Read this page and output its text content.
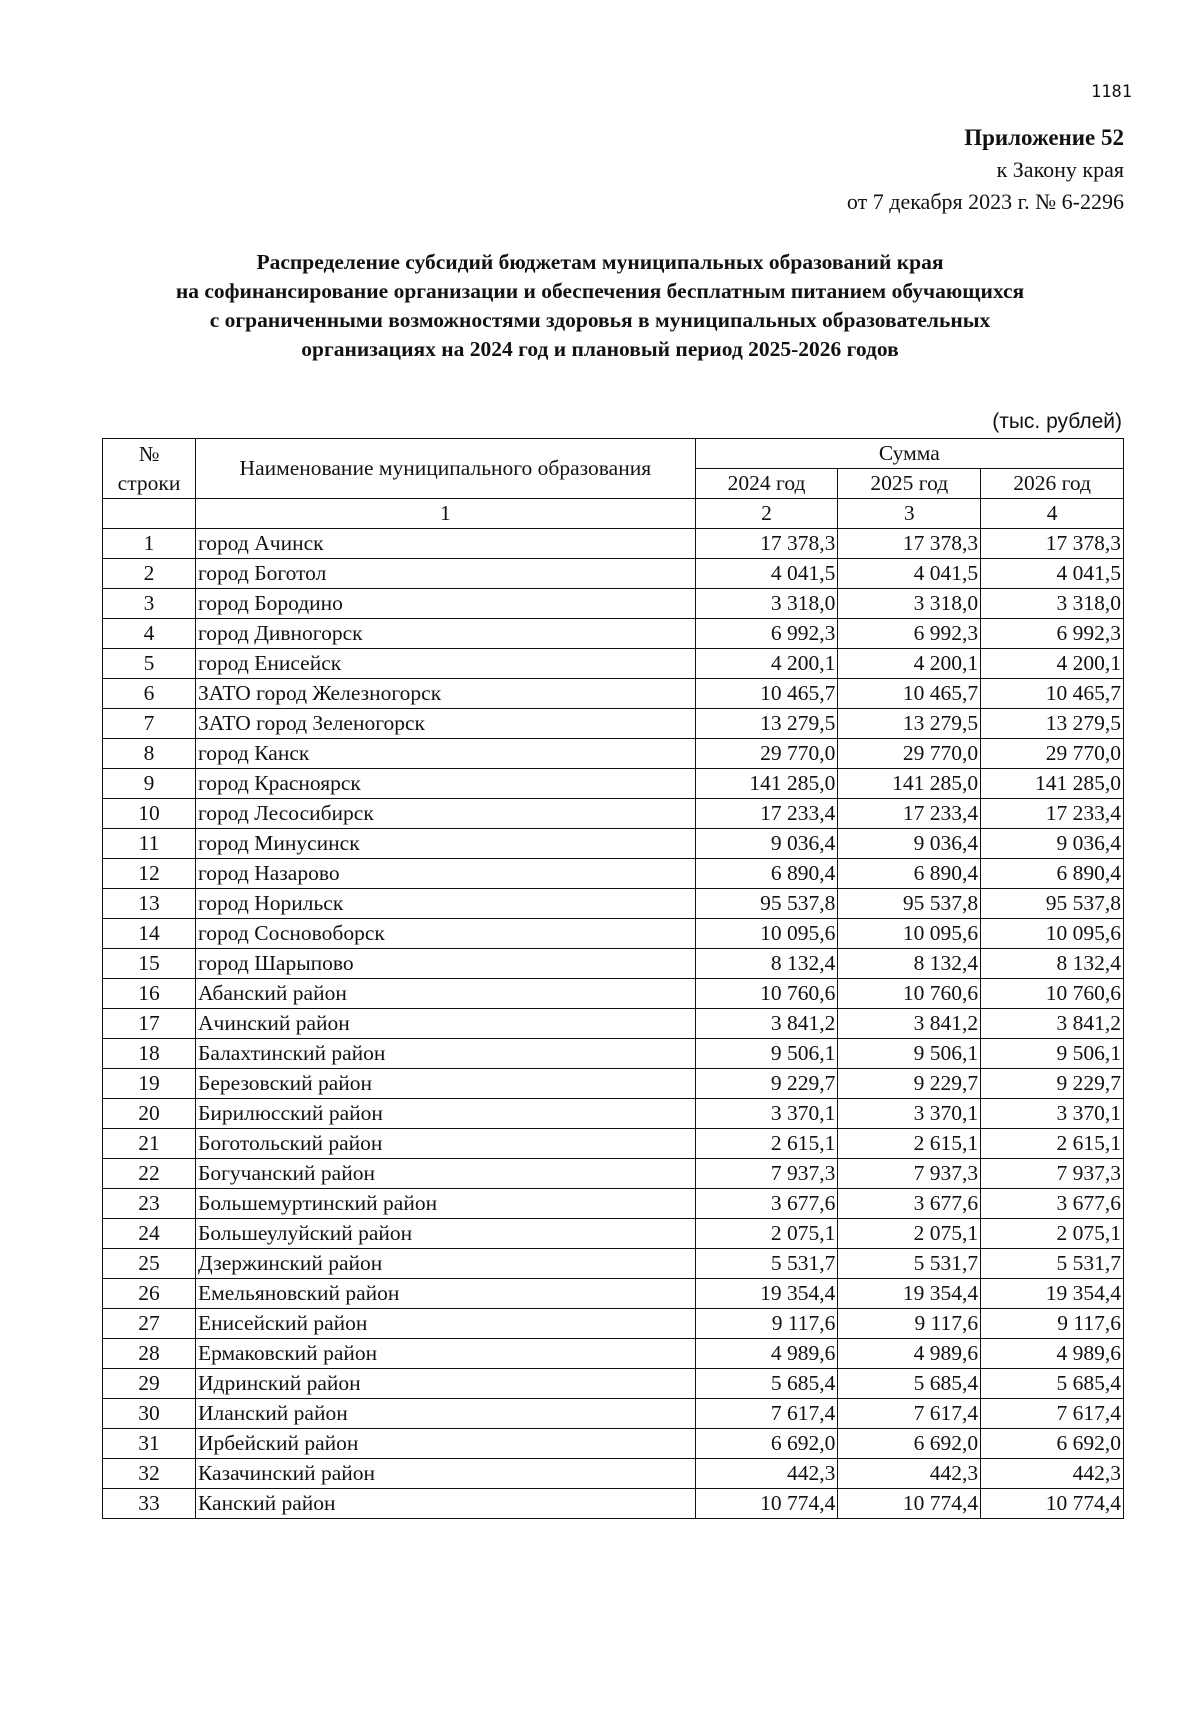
1181
Приложение 52
к Закону края
от 7 декабря 2023 г. № 6-2296
Распределение субсидий бюджетам муниципальных образований края
на софинансирование организации и обеспечения бесплатным питанием обучающихся
с ограниченными возможностями здоровья в муниципальных образовательных
организациях на 2024 год и плановый период 2025-2026 годов
(тыс. рублей)
№
строки	Наименование муниципального образования	Сумма		
		2024 год	2025 год	2026 год
	1	2	3	4
1	город Ачинск	17 378,3	17 378,3	17 378,3
2	город Боготол	4 041,5	4 041,5	4 041,5
3	город Бородино	3 318,0	3 318,0	3 318,0
4	город Дивногорск	6 992,3	6 992,3	6 992,3
5	город Енисейск	4 200,1	4 200,1	4 200,1
6	ЗАТО город Железногорск	10 465,7	10 465,7	10 465,7
7	ЗАТО город Зеленогорск	13 279,5	13 279,5	13 279,5
8	город Канск	29 770,0	29 770,0	29 770,0
9	город Красноярск	141 285,0	141 285,0	141 285,0
10	город Лесосибирск	17 233,4	17 233,4	17 233,4
11	город Минусинск	9 036,4	9 036,4	9 036,4
12	город Назарово	6 890,4	6 890,4	6 890,4
13	город Норильск	95 537,8	95 537,8	95 537,8
14	город Сосновоборск	10 095,6	10 095,6	10 095,6
15	город Шарыпово	8 132,4	8 132,4	8 132,4
16	Абанский район	10 760,6	10 760,6	10 760,6
17	Ачинский район	3 841,2	3 841,2	3 841,2
18	Балахтинский район	9 506,1	9 506,1	9 506,1
19	Березовский район	9 229,7	9 229,7	9 229,7
20	Бирилюсский район	3 370,1	3 370,1	3 370,1
21	Боготольский район	2 615,1	2 615,1	2 615,1
22	Богучанский район	7 937,3	7 937,3	7 937,3
23	Большемуртинский район	3 677,6	3 677,6	3 677,6
24	Большеулуйский район	2 075,1	2 075,1	2 075,1
25	Дзержинский район	5 531,7	5 531,7	5 531,7
26	Емельяновский район	19 354,4	19 354,4	19 354,4
27	Енисейский район	9 117,6	9 117,6	9 117,6
28	Ермаковский район	4 989,6	4 989,6	4 989,6
29	Идринский район	5 685,4	5 685,4	5 685,4
30	Иланский район	7 617,4	7 617,4	7 617,4
31	Ирбейский район	6 692,0	6 692,0	6 692,0
32	Казачинский район	442,3	442,3	442,3
33	Канский район	10 774,4	10 774,4	10 774,4
